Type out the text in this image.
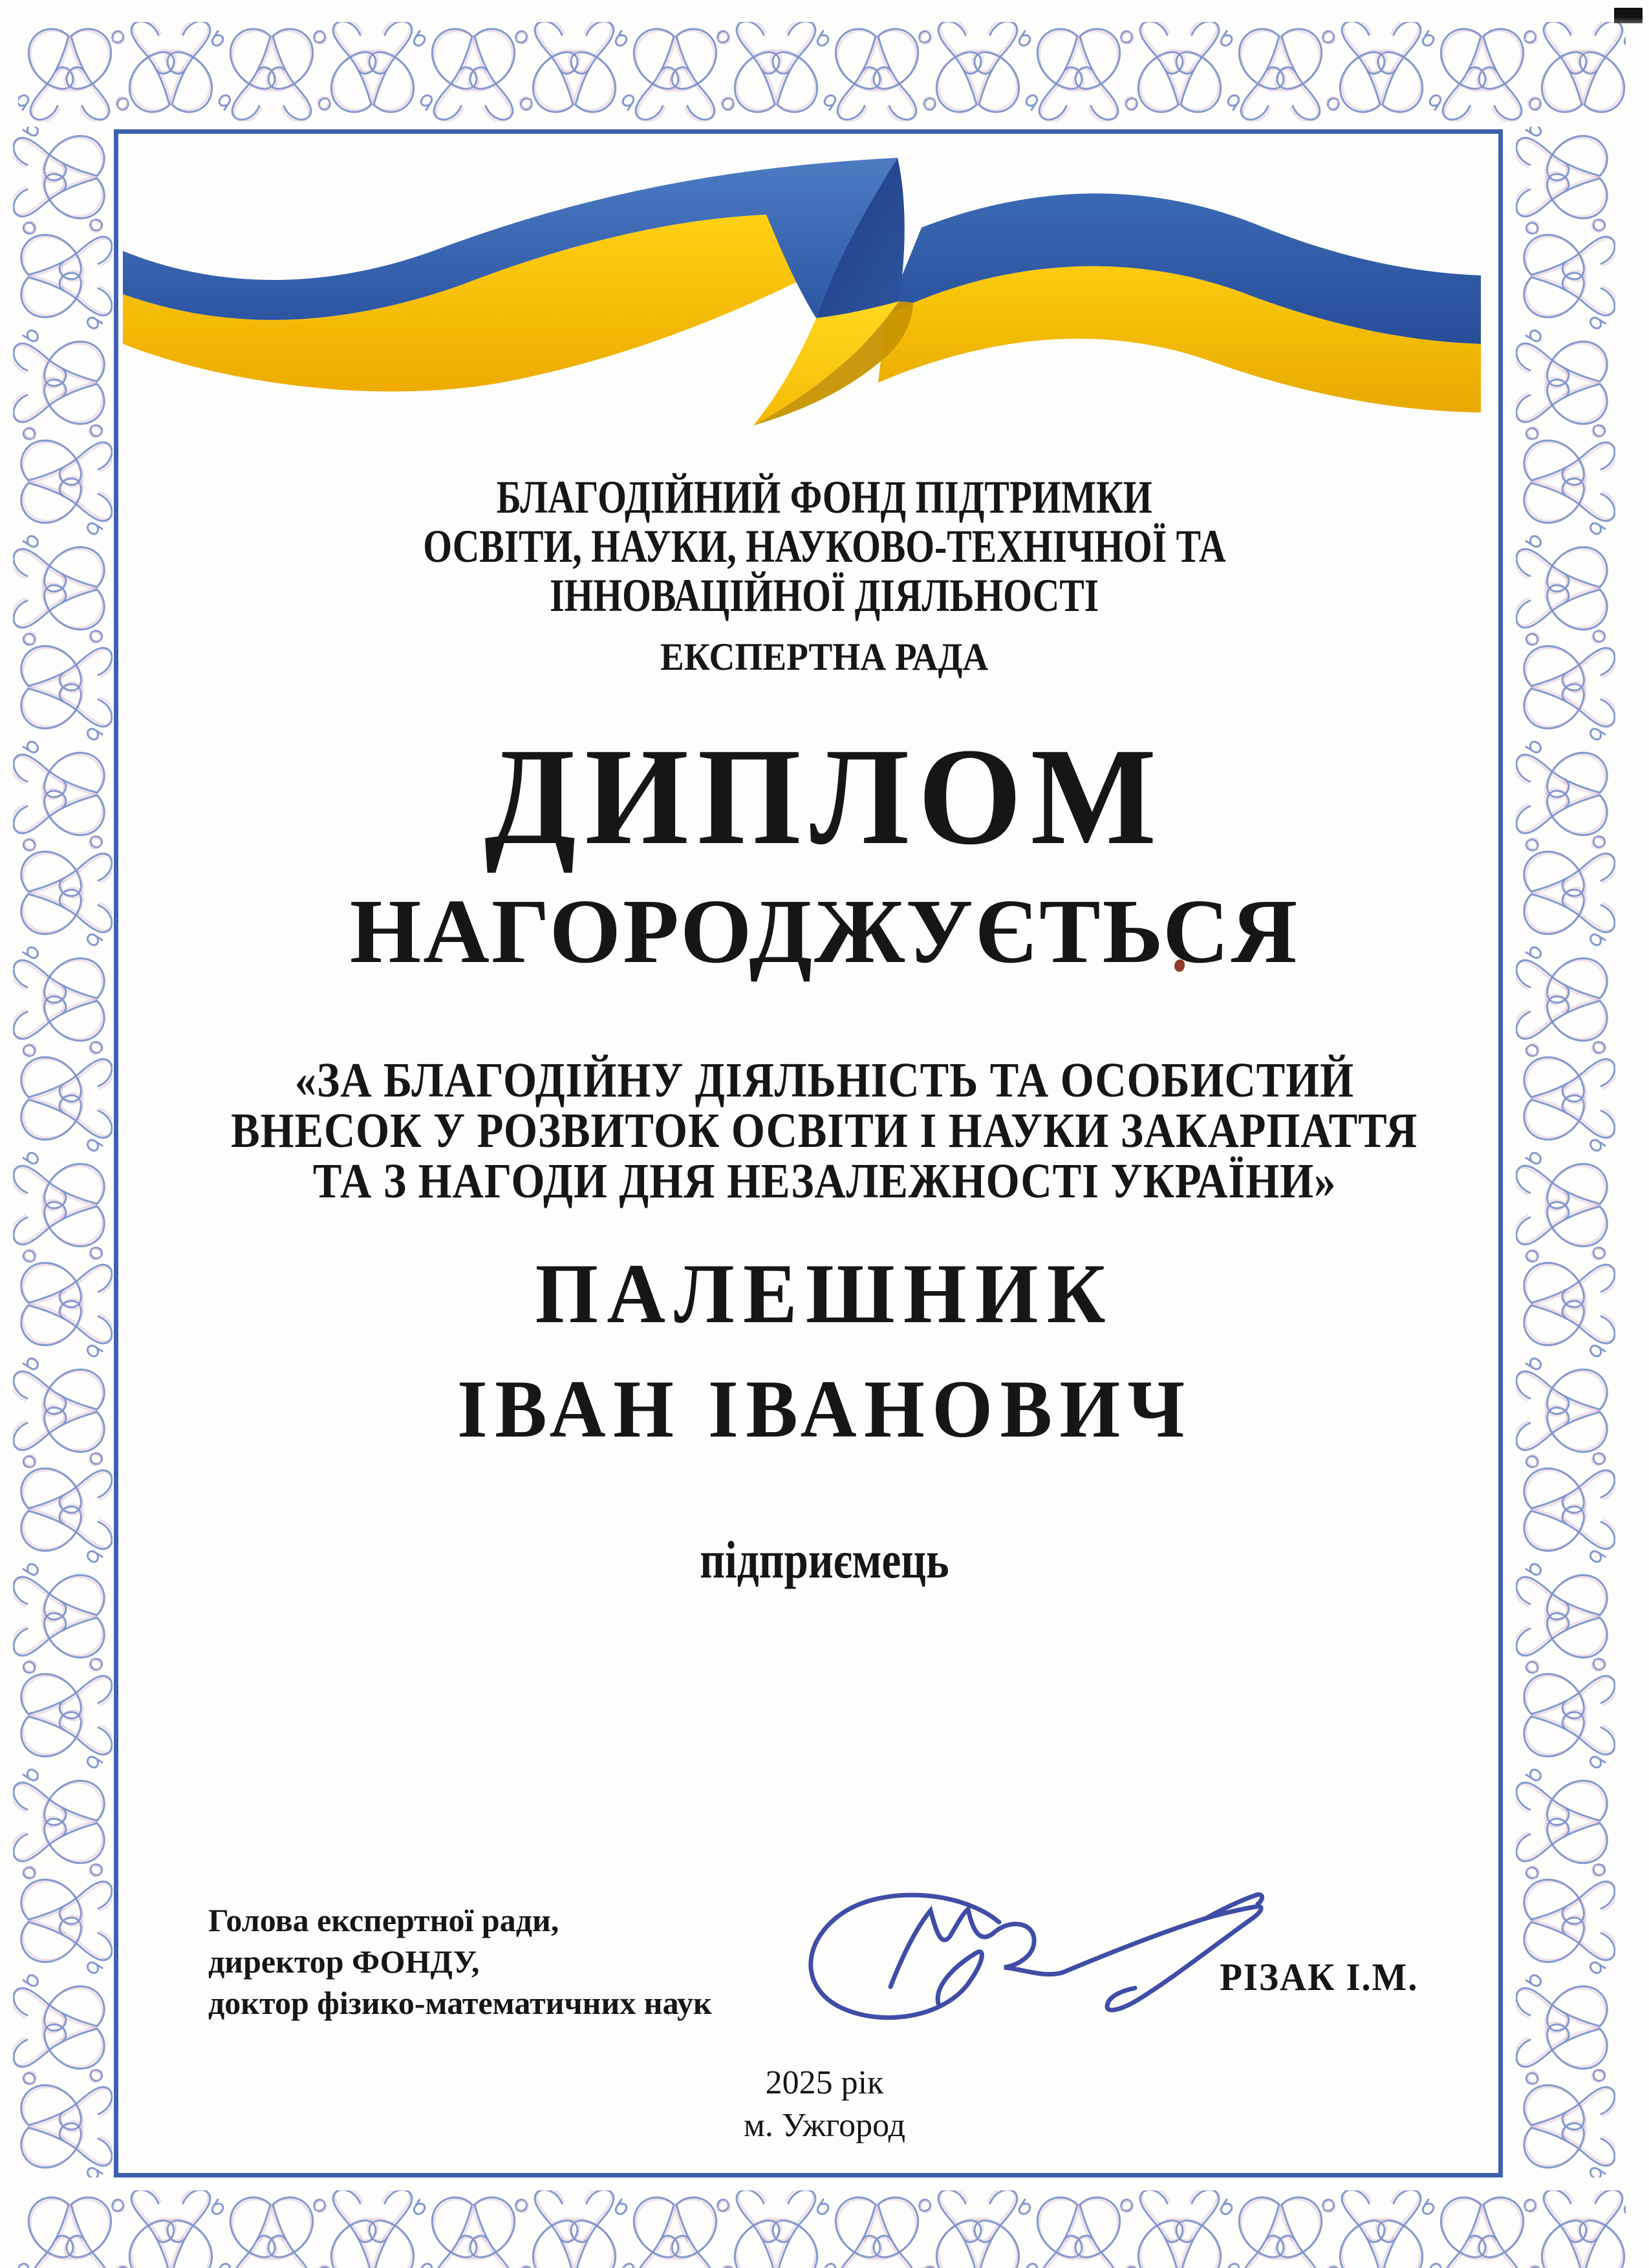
БЛАГОДІЙНИЙ ФОНД ПІДТРИМКИ
ОСВІТИ, НАУКИ, НАУКОВО-ТЕХНІЧНОЇ ТА
ІННОВАЦІЙНОЇ ДІЯЛЬНОСТІ
ЕКСПЕРТНА РАДА
ДИПЛОМ
НАГОРОДЖУЄТЬСЯ
«ЗА БЛАГОДІЙНУ ДІЯЛЬНІСТЬ ТА ОСОБИСТИЙ
ВНЕСОК У РОЗВИТОК ОСВІТИ І НАУКИ ЗАКАРПАТТЯ
ТА З НАГОДИ ДНЯ НЕЗАЛЕЖНОСТІ УКРАЇНИ»
ПАЛЕШНИК
ІВАН ІВАНОВИЧ
підприємець
Голова експертної ради,
директор ФОНДУ,
доктор фізико-математичних наук
РІЗАК І.М.
2025 рік
м. Ужгород
